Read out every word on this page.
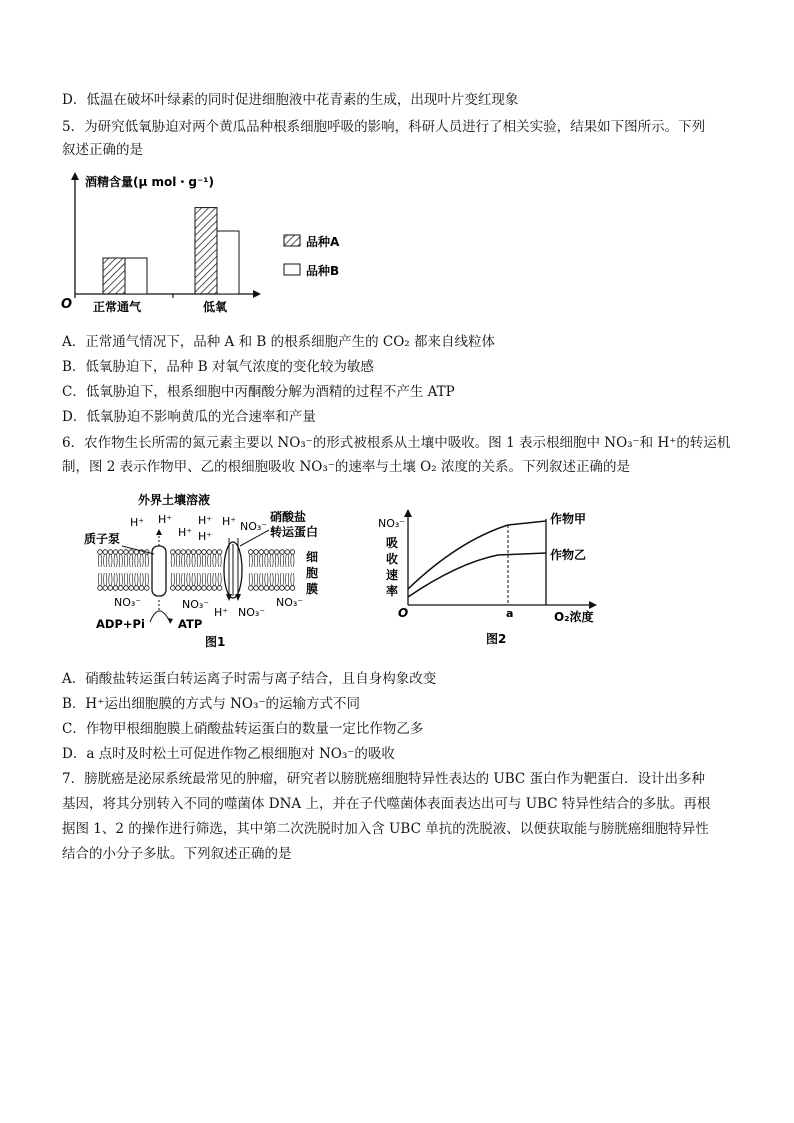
D．低温在破坏叶绿素的同时促进细胞液中花青素的生成，出现叶片变红现象
5．为研究低氧胁迫对两个黄瓜品种根系细胞呼吸的影响，科研人员进行了相关实验，结果如下图所示。下列
叙述正确的是
酒精含量(μ mol・g⁻¹)
O 正常通气	低氧
品种A
品种B
A．正常通气情况下，品种 A 和 B 的根系细胞产生的 CO₂ 都来自线粒体
B．低氧胁迫下，品种 B 对氧气浓度的变化较为敏感
C．低氧胁迫下，根系细胞中丙酮酸分解为酒精的过程不产生 ATP
D．低氧胁迫不影响黄瓜的光合速率和产量
6．农作物生长所需的氮元素主要以 NO₃⁻的形式被根系从土壤中吸收。图 1 表示根细胞中 NO₃⁻和 H⁺的转运机
制，图 2 表示作物甲、乙的根细胞吸收 NO₃⁻的速率与土壤 O₂ 浓度的关系。下列叙述正确的是
外界土壤溶液
质子泵
硝酸盐
转运蛋白
细
胞
膜
H⁺ H⁺
H⁺
H⁺
H⁺
H⁺ NO₃⁻
NO₃⁻	NO₃⁻
H⁺ NO₃⁻
NO₃⁻
ADP+Pi	ATP
图1
NO₃⁻
吸
收
速
率
O	O₂浓度
a
作物甲
作物乙
图2
A．硝酸盐转运蛋白转运离子时需与离子结合，且自身构象改变
B．H⁺运出细胞膜的方式与 NO₃⁻的运输方式不同
C．作物甲根细胞膜上硝酸盐转运蛋白的数量一定比作物乙多
D．a 点时及时松土可促进作物乙根细胞对 NO₃⁻的吸收
7．膀胱癌是泌尿系统最常见的肿瘤，研究者以膀胱癌细胞特异性表达的 UBC 蛋白作为靶蛋白．设计出多种
基因，将其分别转入不同的噬菌体 DNA 上，并在子代噬菌体表面表达出可与 UBC 特异性结合的多肽。再根
据图 1、2 的操作进行筛选，其中第二次洗脱时加入含 UBC 单抗的洗脱液、以便获取能与膀胱癌细胞特异性
结合的小分子多肽。下列叙述正确的是
